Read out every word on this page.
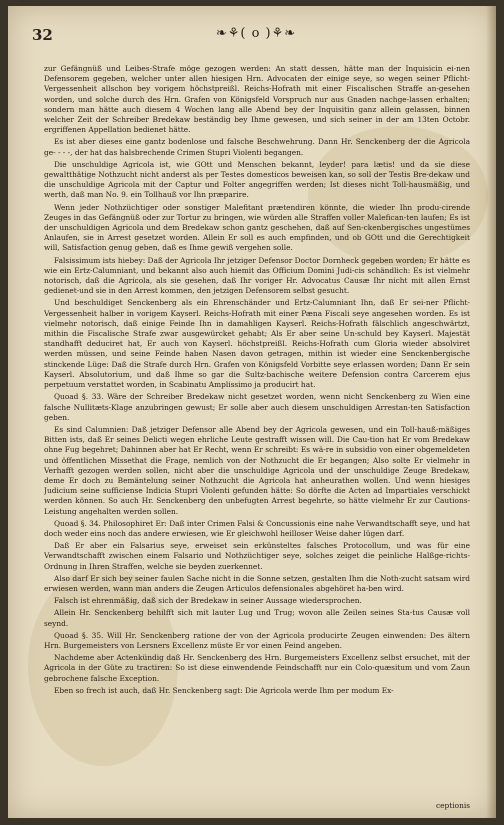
32	❧⚘( o )⚘❧

zur Gefängnüß und Leibes-Strafe möge gezogen werden: An statt dessen, hätte man der Inquisicin ei-nen Defensorem gegeben, welcher unter allen hiesigen Hrn. Advocaten der einige seye, so wegen seiner Pflicht-Vergessenheit allschon bey vorigem höchstpreißl. Reichs-Hofrath mit einer Fiscalischen Straffe an-gesehen worden, und solche durch des Hrn. Grafen von Königsfeld Vorspruch nur aus Gnaden nachge-lassen erhalten; sondern man hätte auch diesem 4 Wochen lang alle Abend bey der Inquisitin ganz allein gelassen, binnen welcher Zeit der Schreiber Bredekaw beständig bey Ihme gewesen, und sich seiner in der am 13ten Octobr. ergriffenen Appellation bedienet hätte.

Es ist aber dieses eine gantz bodenlose und falsche Beschwehrung. Dann Hr. Senckenberg der die Agricola ge- - - -, der hat das halsbrechende Crimen Stupri Violenti begangen.

Die unschuldige Agricola ist, wie GOtt und Menschen bekannt, leyder! para lætis! und da sie diese gewaltthätige Nothzucht nicht anderst als per Testes domesticos beweisen kan, so soll der Testis Bre-dekaw und die unschuldige Agricola mit der Captur und Folter angegriffen werden; Ist dieses nicht Toll-hausmäßig, und werth, daß man No. 9. ein Tollhauß vor Ihn præparire.

Wenn jeder Nothzüchtiger oder sonstiger Malefitant prætendiren könnte, die wieder Ihn produ-cirende Zeuges in das Gefängnüß oder zur Tortur zu bringen, wie würden alle Straffen voller Malefican-ten laufen; Es ist der unschuldigen Agricola und dem Bredekaw schon gantz geschehen, daß auf Sen-ckenbergisches ungestümes Anlaufen, sie in Arrest gesetzet worden. Allein Er soll es auch empfinden, und ob GOtt und die Gerechtigkeit will, Satisfaction genug geben, daß es Ihme gewiß vergehen solle.

Falsissimum ists hiebey: Daß der Agricola Ihr jetziger Defensor Doctor Dornheck gegeben worden; Er hätte es wie ein Ertz-Calumniant, und bekannt also auch hiemit das Officium Domini Judi-cis schändlich: Es ist vielmehr notorisch, daß die Agricola, als sie gesehen, daß Ihr voriger Hr. Advocatus Causæ Ihr nicht mit allen Ernst gedienet-und sie in den Arrest kommen, den jetzigen Defensorem selbst gesucht.

Und beschuldiget Senckenberg als ein Ehrenschänder und Ertz-Calumniant Ihn, daß Er sei-ner Pflicht-Vergessenheit halber in vorigem Kayserl. Reichs-Hofrath mit einer Pæna Fiscali seye angesehen worden. Es ist vielmehr notorisch, daß einige Feinde Ihn in damahligen Kayserl. Reichs-Hofrath fälschlich angeschwärtzt, mithin die Fiscalische Strafe zwar ausgewürcket gehabt; Als Er aber seine Un-schuld bey Kayserl. Majestät standhafft deduciret hat, Er auch von Kayserl. höchstpreißl. Reichs-Hofrath cum Gloria wieder absolviret werden müssen, und seine Feinde haben Nasen davon getragen, mithin ist wieder eine Senckenbergische stinckende Lüge: Daß die Strafe durch Hrn. Grafen von Königsfeld Vorbitte seye erlassen worden; Dann Er sein Kayserl. Absolutorium, und daß Ihme so gar die Sultz-bachische weitere Defension contra Carcerem ejus perpetuum verstattet worden, in Scabinatu Amplissimo ja producirt hat.

Quoad §. 33. Wäre der Schreiber Bredekaw nicht gesetzet worden, wenn nicht Senckenberg zu Wien eine falsche Nullitæts-Klage anzubringen gewust; Er solle aber auch diesem unschuldigen Arrestan-ten Satisfaction geben.

Es sind Calumnien: Daß jetziger Defensor alle Abend bey der Agricola gewesen, und ein Toll-hauß-mäßiges Bitten ists, daß Er seines Delicti wegen ehrliche Leute gestrafft wissen will. Die Cau-tion hat Er vom Bredekaw ohne Fug begehret; Dahinnen aber hat Er Recht, wenn Er schreibt: Es wä-re in subsidio von einer obgemeldeten und öffentlichen Missethat die Frage, nemlich von der Nothzucht die Er begangen; Also solte Er vielmehr in Verhafft gezogen werden sollen, nicht aber die unschuldige Agricola und der unschuldige Zeuge Bredekaw, deme Er doch zu Bemäntelung seiner Nothzucht die Agricola hat anheurathen wollen. Und wenn hiesiges Judicium seine sufficiense Indicia Stupri Violenti gefunden hätte: So dörfte die Acten ad Impartiales verschickt werden können. So auch Hr. Senckenberg den unbefugten Arrest begehrte, so hätte vielmehr Er zur Cautions-Leistung angehalten werden sollen.

Quoad §. 34. Philosophiret Er: Daß inter Crimen Falsi & Concussionis eine nahe Verwandtschafft seye, und hat doch weder eins noch das andere erwiesen, wie Er gleichwohl heilloser Weise daher lügen darf.

Daß Er aber ein Falsarius seye, erweiset sein erkünsteltes falsches Protocollum, und was für eine Verwandtschafft zwischen einem Falsario und Nothzüchtiger seye, solches zeiget die peinliche Halßge-richts-Ordnung in Ihren Straffen, welche sie beyden zuerkennet.

Also darf Er sich bey seiner faulen Sache nicht in die Sonne setzen, gestalten Ihm die Noth-zucht satsam wird erwiesen werden, wann man anders die Zeugen Articulos defensionales abgehöret ha-ben wird.

Falsch ist ehrenmäßig, daß sich der Bredekaw in seiner Aussage wiedersprochen.

Allein Hr. Senckenberg behilfft sich mit lauter Lug und Trug; wovon alle Zeilen seines Sta-tus Causæ voll seynd.

Quoad §. 35. Will Hr. Senckenberg ratione der von der Agricola producirte Zeugen einwenden: Des ältern Hrn. Burgemeisters von Lersners Excellenz müste Er vor einen Feind angeben.

Nachdeme aber Actenkündig daß Hr. Senckenberg des Hrn. Burgemeisters Excellenz selbst ersuchet, mit der Agricola in der Güte zu tractiren: So ist diese einwendende Feindschafft nur ein Colo-quæsitum und vom Zaun gebrochene falsche Exception.

Eben so frech ist auch, daß Hr. Senckenberg sagt: Die Agricola werde Ihm per modum Ex-

ceptionis
